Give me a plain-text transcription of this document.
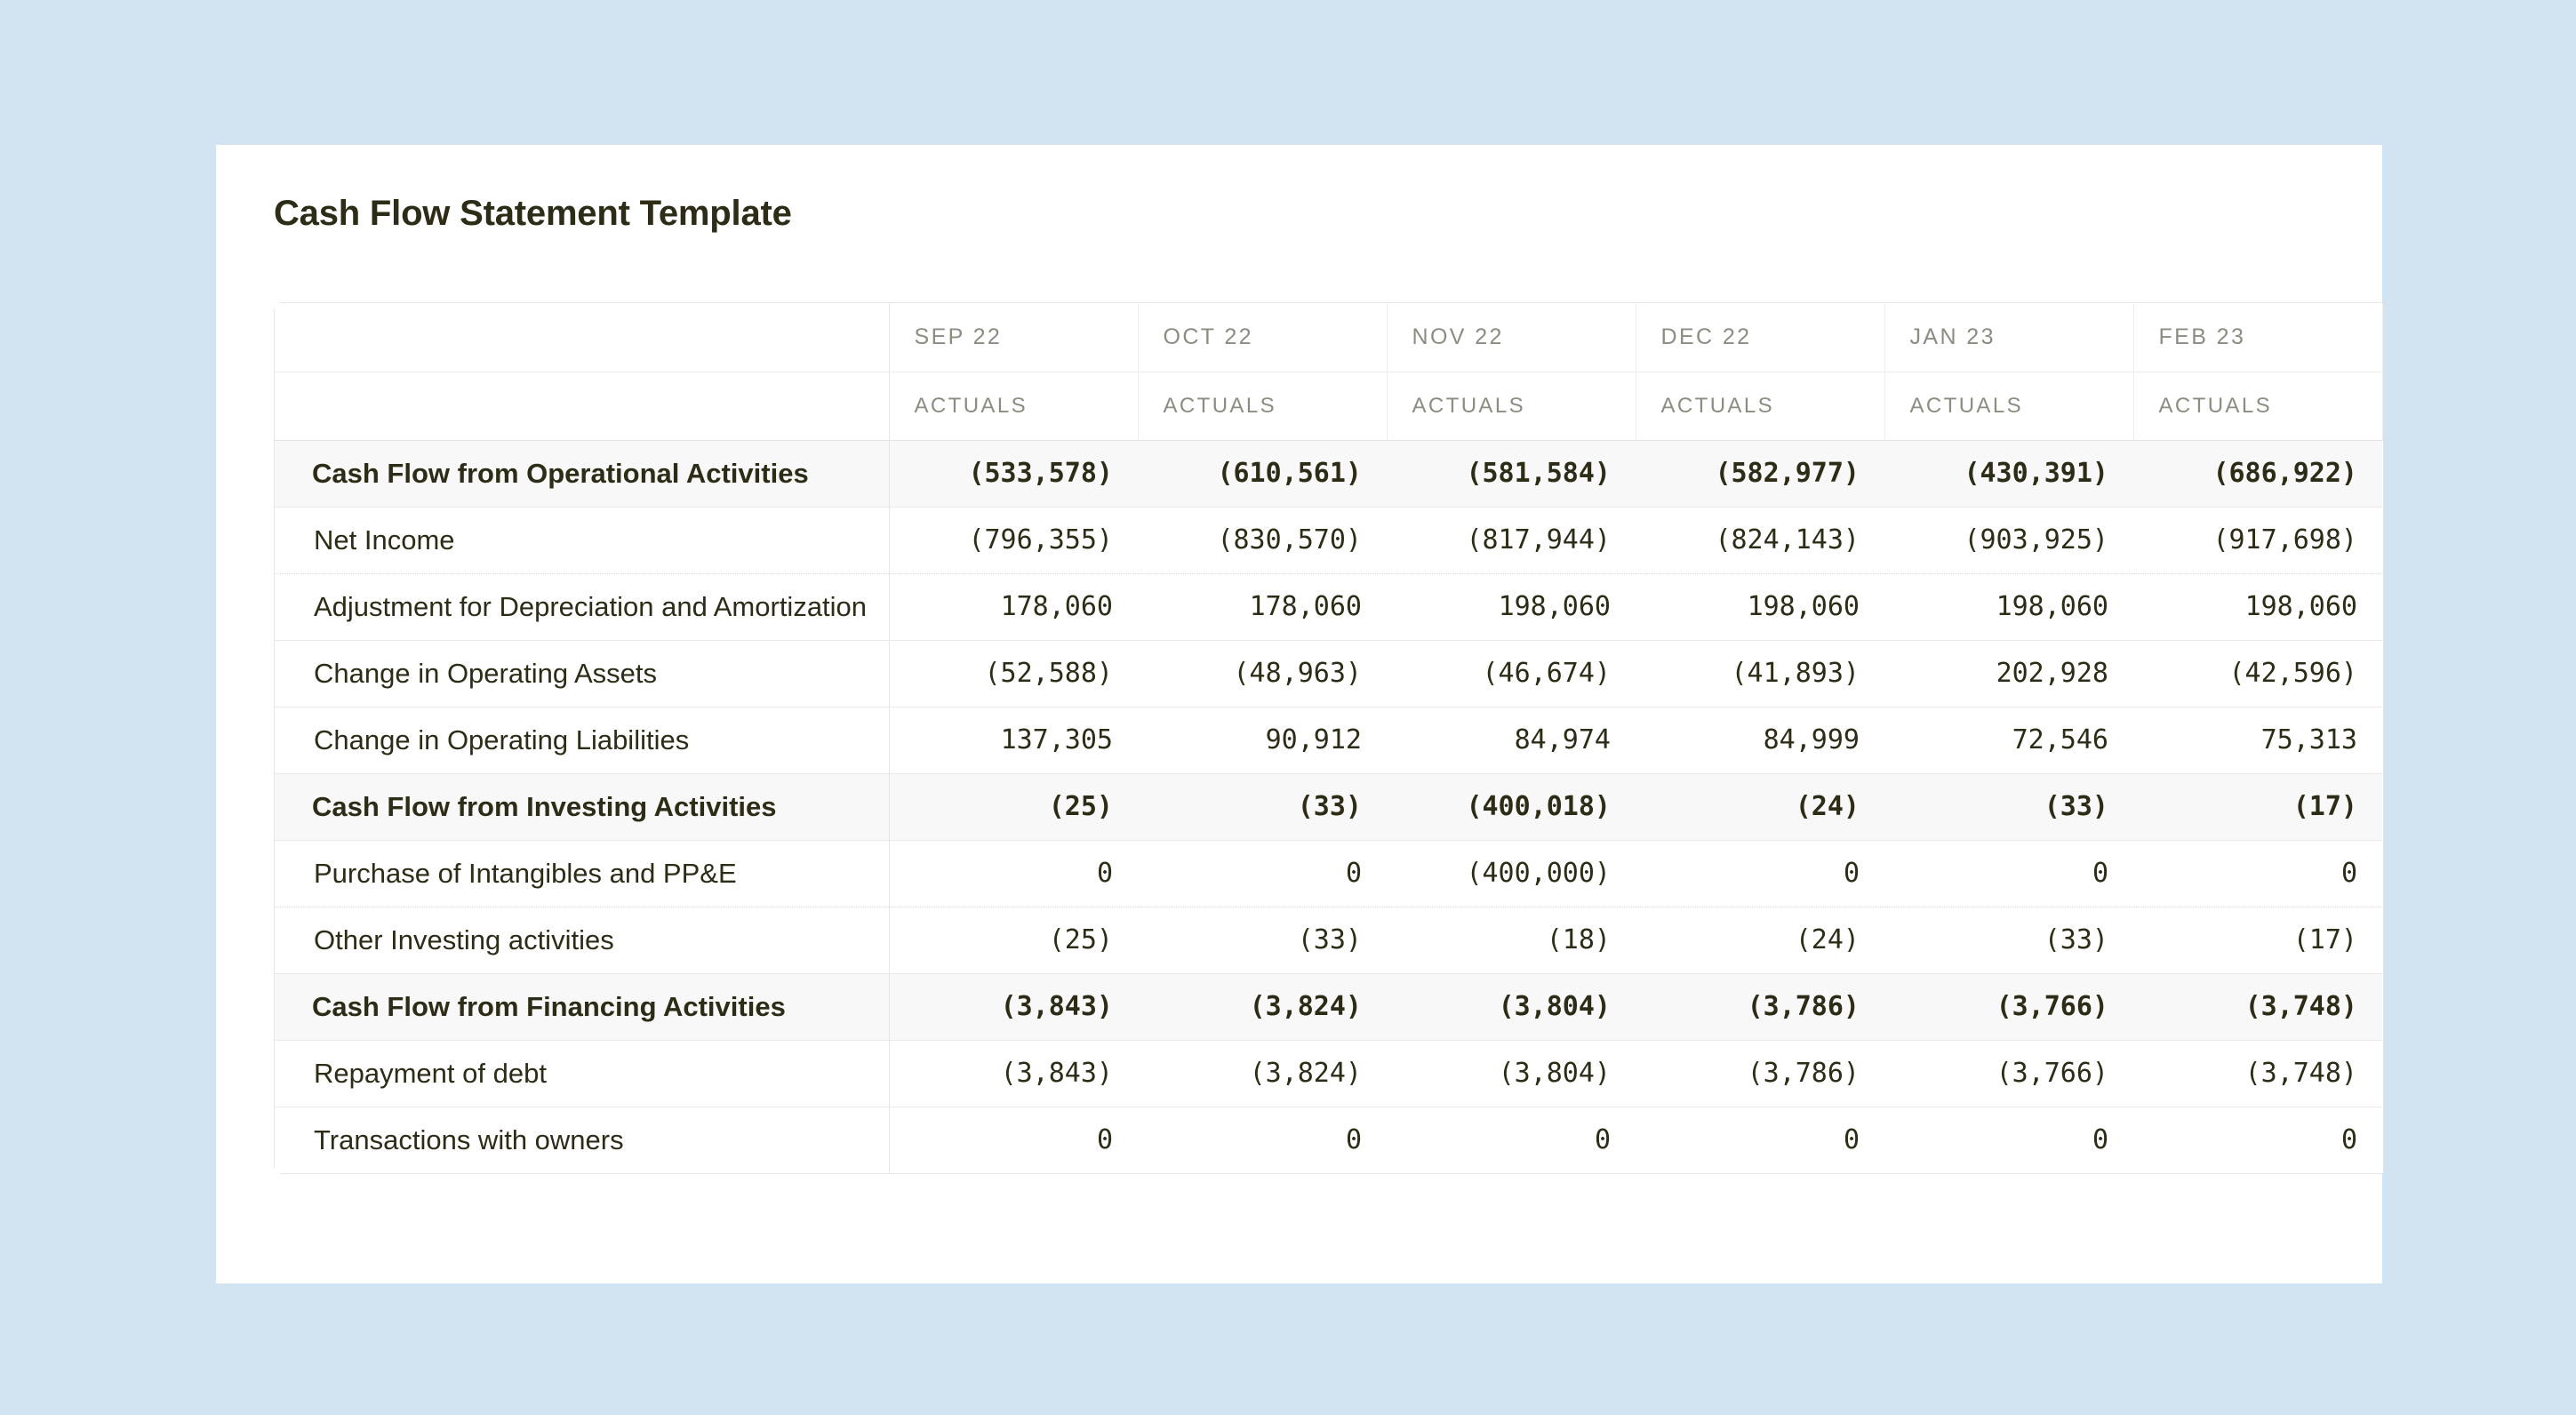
Cash Flow Statement Template
	SEP 22	OCT 22	NOV 22	DEC 22	JAN 23	FEB 23
	ACTUALS	ACTUALS	ACTUALS	ACTUALS	ACTUALS	ACTUALS
Cash Flow from Operational Activities	(533,578)	(610,561)	(581,584)	(582,977)	(430,391)	(686,922)
Net Income	(796,355)	(830,570)	(817,944)	(824,143)	(903,925)	(917,698)
Adjustment for Depreciation and Amortization	178,060	178,060	198,060	198,060	198,060	198,060
Change in Operating Assets	(52,588)	(48,963)	(46,674)	(41,893)	202,928	(42,596)
Change in Operating Liabilities	137,305	90,912	84,974	84,999	72,546	75,313
Cash Flow from Investing Activities	(25)	(33)	(400,018)	(24)	(33)	(17)
Purchase of Intangibles and PP&E	0	0	(400,000)	0	0	0
Other Investing activities	(25)	(33)	(18)	(24)	(33)	(17)
Cash Flow from Financing Activities	(3,843)	(3,824)	(3,804)	(3,786)	(3,766)	(3,748)
Repayment of debt	(3,843)	(3,824)	(3,804)	(3,786)	(3,766)	(3,748)
Transactions with owners	0	0	0	0	0	0
